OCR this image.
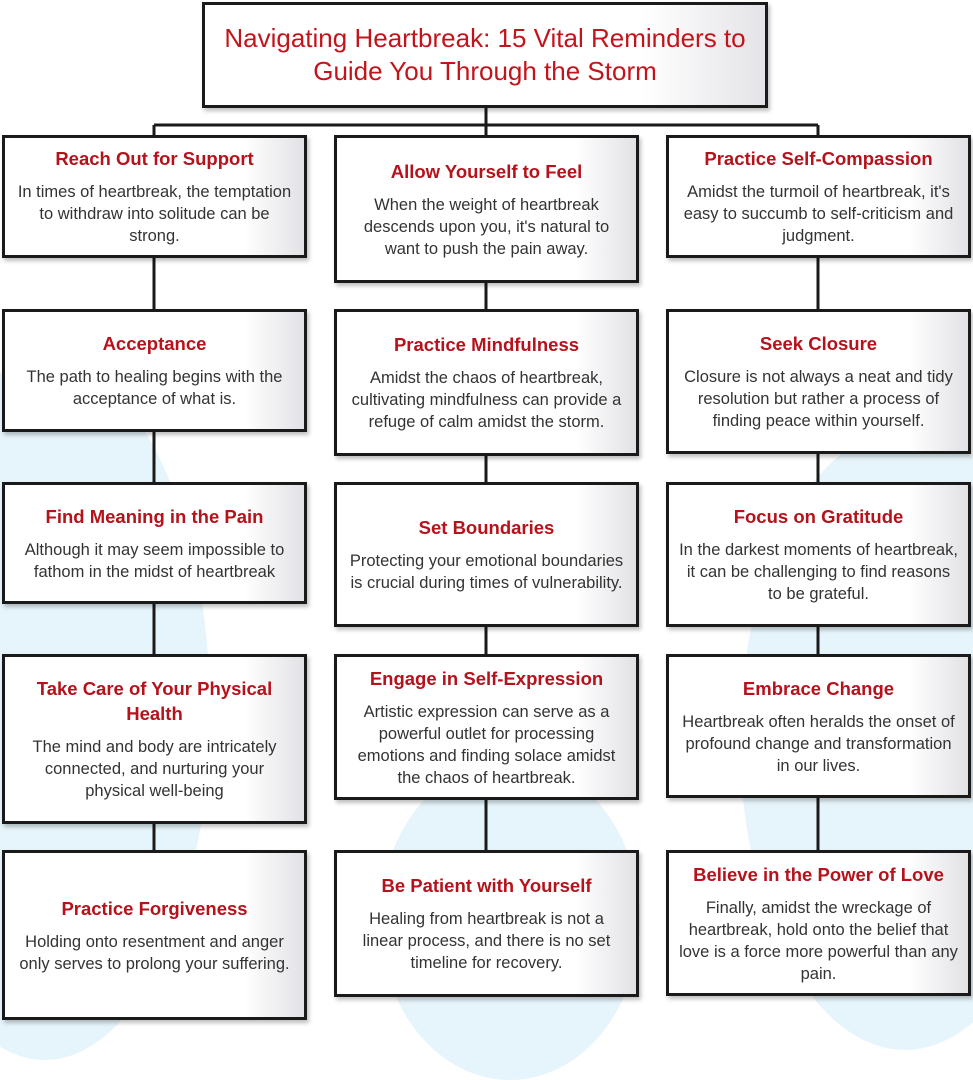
Navigating Heartbreak: 15 Vital Reminders to Guide You Through the Storm
Reach Out for Support
In times of heartbreak, the temptation to withdraw into solitude can be strong.
Acceptance
The path to healing begins with the acceptance of what is.
Find Meaning in the Pain
Although it may seem impossible to fathom in the midst of heartbreak
Take Care of Your Physical Health
The mind and body are intricately connected, and nurturing your physical well-being
Practice Forgiveness
Holding onto resentment and anger only serves to prolong your suffering.
Allow Yourself to Feel
When the weight of heartbreak descends upon you, it's natural to want to push the pain away.
Practice Mindfulness
Amidst the chaos of heartbreak, cultivating mindfulness can provide a refuge of calm amidst the storm.
Set Boundaries
Protecting your emotional boundaries is crucial during times of vulnerability.
Engage in Self-Expression
Artistic expression can serve as a powerful outlet for processing emotions and finding solace amidst the chaos of heartbreak.
Be Patient with Yourself
Healing from heartbreak is not a linear process, and there is no set timeline for recovery.
Practice Self-Compassion
Amidst the turmoil of heartbreak, it's easy to succumb to self-criticism and judgment.
Seek Closure
Closure is not always a neat and tidy resolution but rather a process of finding peace within yourself.
Focus on Gratitude
In the darkest moments of heartbreak, it can be challenging to find reasons to be grateful.
Embrace Change
Heartbreak often heralds the onset of profound change and transformation in our lives.
Believe in the Power of Love
Finally, amidst the wreckage of heartbreak, hold onto the belief that love is a force more powerful than any pain.
